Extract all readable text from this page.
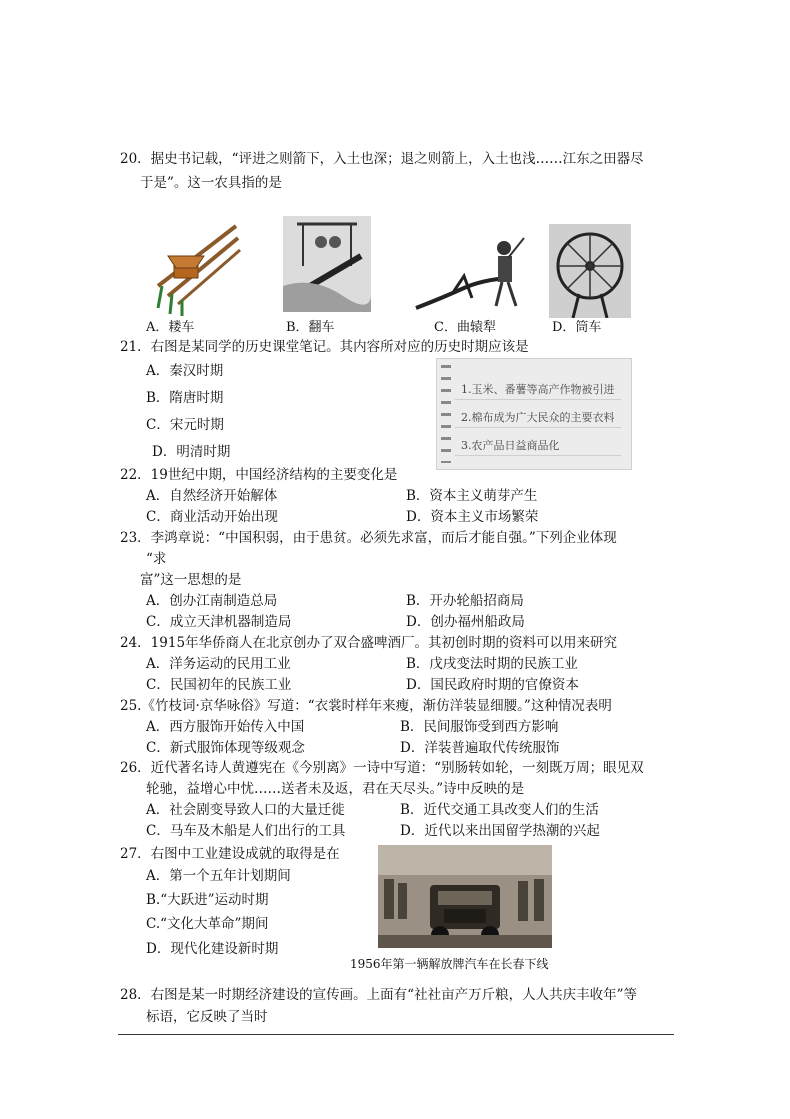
20．据史书记载，“评进之则箭下，入土也深；退之则箭上，入土也浅……江东之田器尽
于是”。这一农具指的是
A．耧车	B．翻车	C．曲辕犁	D．筒车
21．右图是某同学的历史课堂笔记。其内容所对应的历史时期应该是
A．秦汉时期
B．隋唐时期
C．宋元时期
D．明清时期
1.玉米、番薯等高产作物被引进
2.棉布成为广大民众的主要衣料
3.农产品日益商品化
22．19世纪中期，中国经济结构的主要变化是
A．自然经济开始解体	B．资本主义萌芽产生
C．商业活动开始出现	D．资本主义市场繁荣
23．李鸿章说：“中国积弱，由于患贫。必须先求富，而后才能自强。”下列企业体现
“求
富”这一思想的是
A．创办江南制造总局	B．开办轮船招商局
C．成立天津机器制造局	D．创办福州船政局
24．1915年华侨商人在北京创办了双合盛啤酒厂。其初创时期的资料可以用来研究
A．洋务运动的民用工业	B．戊戌变法时期的民族工业
C．民国初年的民族工业	D．国民政府时期的官僚资本
25.《竹枝词·京华咏俗》写道：“衣裳时样年来瘦，渐仿洋装显细腰。”这种情况表明
A．西方服饰开始传入中国	B．民间服饰受到西方影响
C．新式服饰体现等级观念	D．洋装普遍取代传统服饰
26．近代著名诗人黄遵宪在《今别离》一诗中写道：“别肠转如轮，一刻既万周；眼见双
轮驰，益增心中忧……送者未及返，君在天尽头。”诗中反映的是
A．社会剧变导致人口的大量迁徙	B．近代交通工具改变人们的生活
C．马车及木船是人们出行的工具	D．近代以来出国留学热潮的兴起
27．右图中工业建设成就的取得是在
A．第一个五年计划期间
B.“大跃进”运动时期
C.“文化大革命”期间
D．现代化建设新时期
1956年第一辆解放牌汽车在长春下线
28．右图是某一时期经济建设的宣传画。上面有“社社亩产万斤粮，人人共庆丰收年”等
标语，它反映了当时
